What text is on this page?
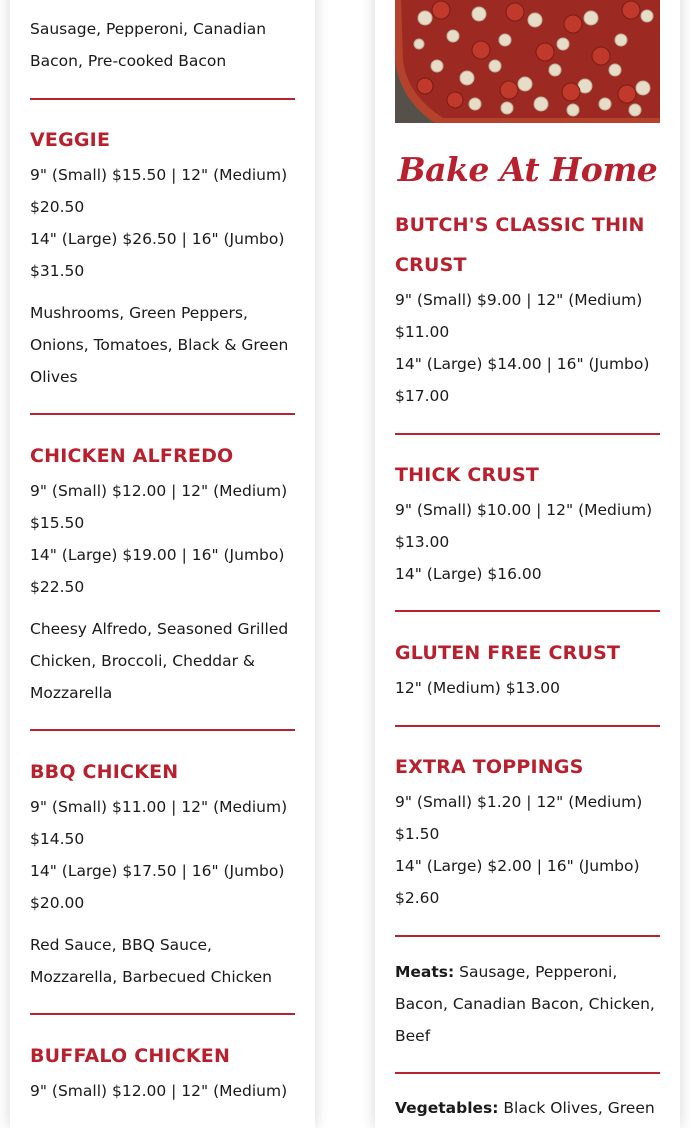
Sausage, Pepperoni, Canadian Bacon, Pre-cooked Bacon

VEGGIE

9" (Small) $15.50 | 12" (Medium) $20.50

14" (Large) $26.50 | 16" (Jumbo) $31.50

Mushrooms, Green Peppers, Onions, Tomatoes, Black & Green Olives

CHICKEN ALFREDO

9" (Small) $12.00 | 12" (Medium) $15.50

14" (Large) $19.00 | 16" (Jumbo) $22.50

Cheesy Alfredo, Seasoned Grilled Chicken, Broccoli, Cheddar & Mozzarella

BBQ CHICKEN

9" (Small) $11.00 | 12" (Medium) $14.50

14" (Large) $17.50 | 16" (Jumbo) $20.00

Red Sauce, BBQ Sauce, Mozzarella, Barbecued Chicken

BUFFALO CHICKEN

9" (Small) $12.00 | 12" (Medium)

Bake At Home
BUTCH'S CLASSIC THIN CRUST

9" (Small) $9.00 | 12" (Medium) $11.00

14" (Large) $14.00 | 16" (Jumbo) $17.00

THICK CRUST

9" (Small) $10.00 | 12" (Medium) $13.00

14" (Large) $16.00

GLUTEN FREE CRUST

12" (Medium) $13.00

EXTRA TOPPINGS

9" (Small) $1.20 | 12" (Medium) $1.50

14" (Large) $2.00 | 16" (Jumbo) $2.60

Meats: Sausage, Pepperoni, Bacon, Canadian Bacon, Chicken, Beef

Vegetables: Black Olives, Green
